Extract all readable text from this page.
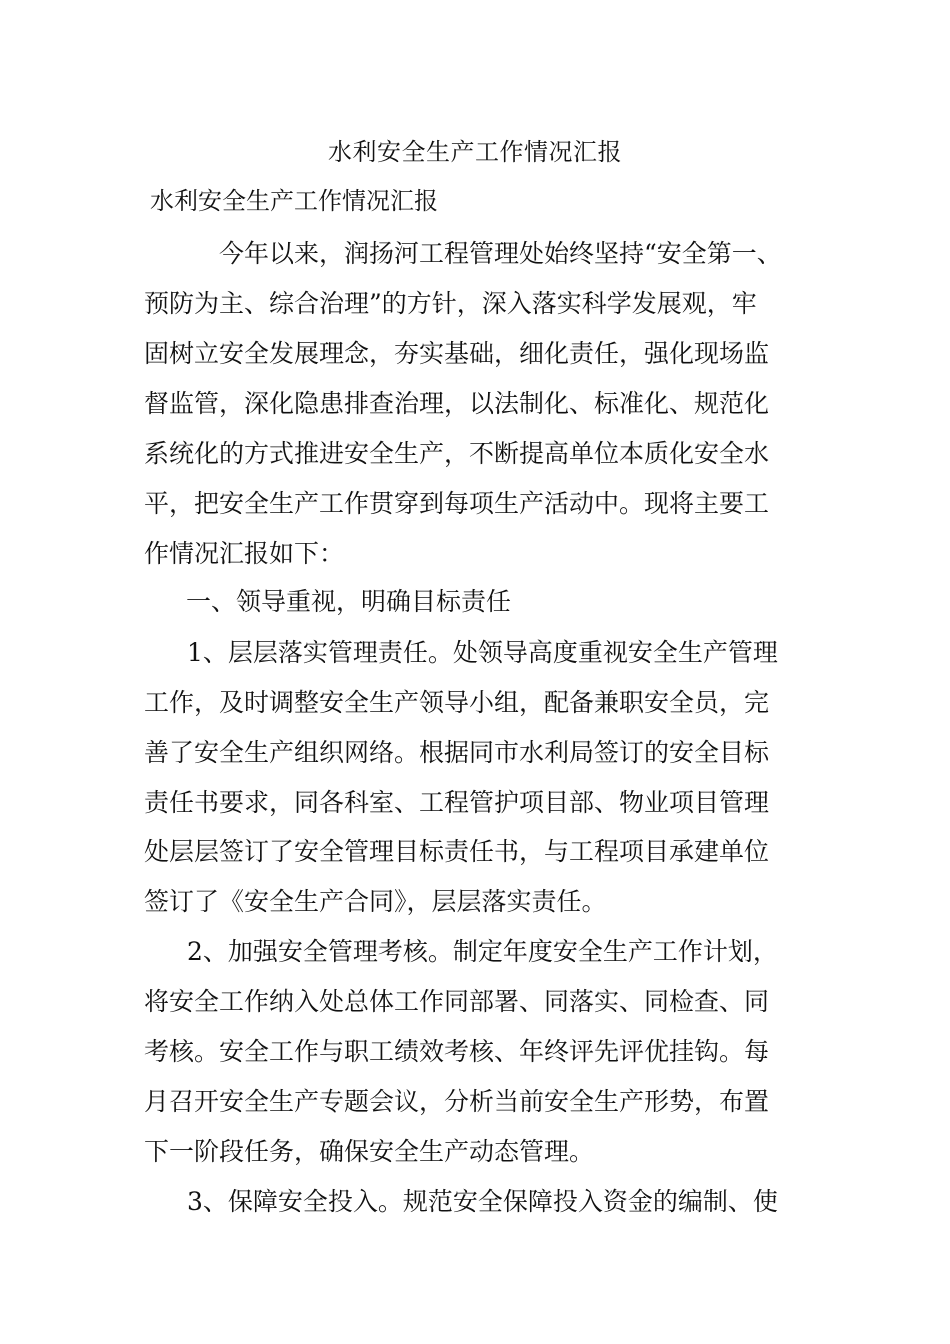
水利安全生产工作情况汇报
水利安全生产工作情况汇报
今年以来，润扬河工程管理处始终坚持“安全第一、
预防为主、综合治理”的方针，深入落实科学发展观，牢
固树立安全发展理念，夯实基础，细化责任，强化现场监
督监管，深化隐患排查治理，以法制化、标准化、规范化
系统化的方式推进安全生产，不断提高单位本质化安全水
平，把安全生产工作贯穿到每项生产活动中。现将主要工
作情况汇报如下：
一、领导重视，明确目标责任
1、层层落实管理责任。处领导高度重视安全生产管理
工作，及时调整安全生产领导小组，配备兼职安全员，完
善了安全生产组织网络。根据同市水利局签订的安全目标
责任书要求，同各科室、工程管护项目部、物业项目管理
处层层签订了安全管理目标责任书，与工程项目承建单位
签订了《安全生产合同》，层层落实责任。
2、加强安全管理考核。制定年度安全生产工作计划，
将安全工作纳入处总体工作同部署、同落实、同检查、同
考核。安全工作与职工绩效考核、年终评先评优挂钩。每
月召开安全生产专题会议，分析当前安全生产形势，布置
下一阶段任务，确保安全生产动态管理。
3、保障安全投入。规范安全保障投入资金的编制、使
